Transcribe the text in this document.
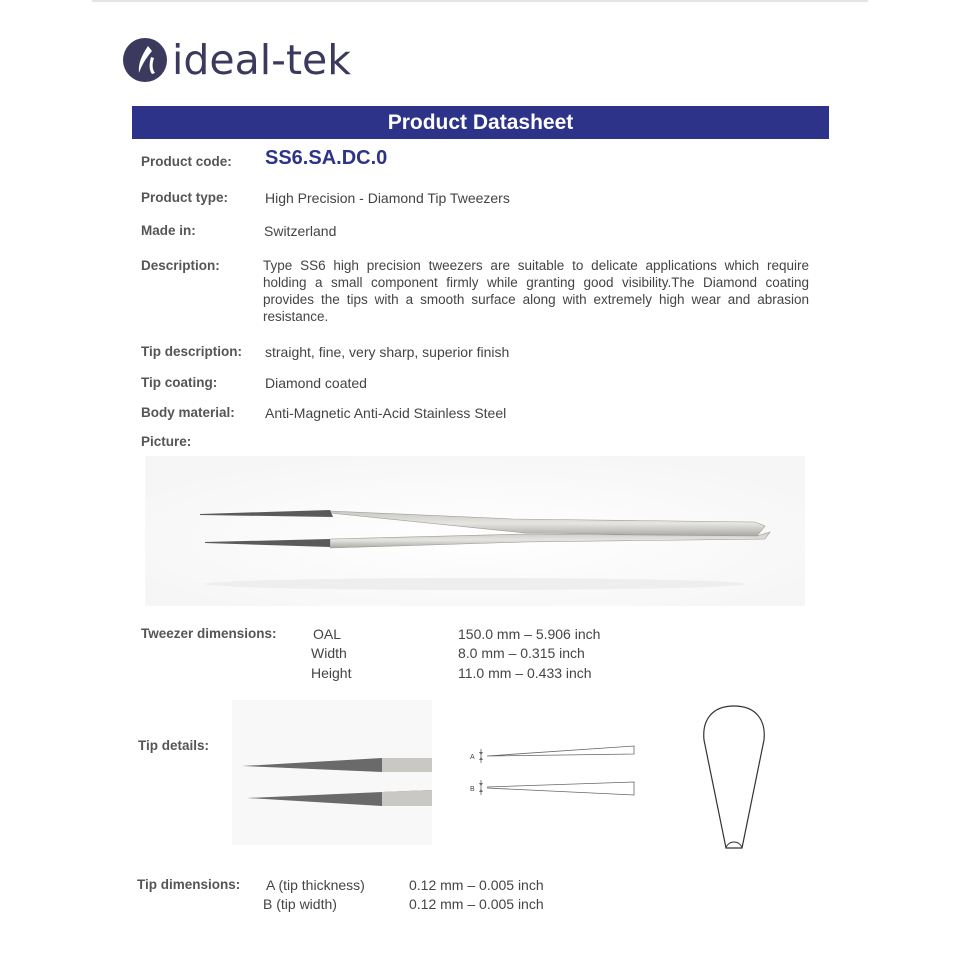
ideal-tek
Product Datasheet
Product code: SS6.SA.DC.0
Product type:	High Precision - Diamond Tip Tweezers
Made in:	Switzerland
Description:	Type SS6 high precision tweezers are suitable to delicate applications which require holding a small component firmly while granting good visibility.The Diamond coating provides the tips with a smooth surface along with extremely high wear and abrasion resistance.
Tip description: straight, fine, very sharp, superior finish
Tip coating:	Diamond coated
Body material: Anti-Magnetic Anti-Acid Stainless Steel
Picture:
Tweezer dimensions:	OAL	150.0 mm – 5.906 inch
Width	8.0 mm – 0.315 inch
Height	11.0 mm – 0.433 inch
Tip details:
A
B
Tip dimensions: A (tip thickness)	0.12 mm – 0.005 inch
B (tip width)	0.12 mm – 0.005 inch
